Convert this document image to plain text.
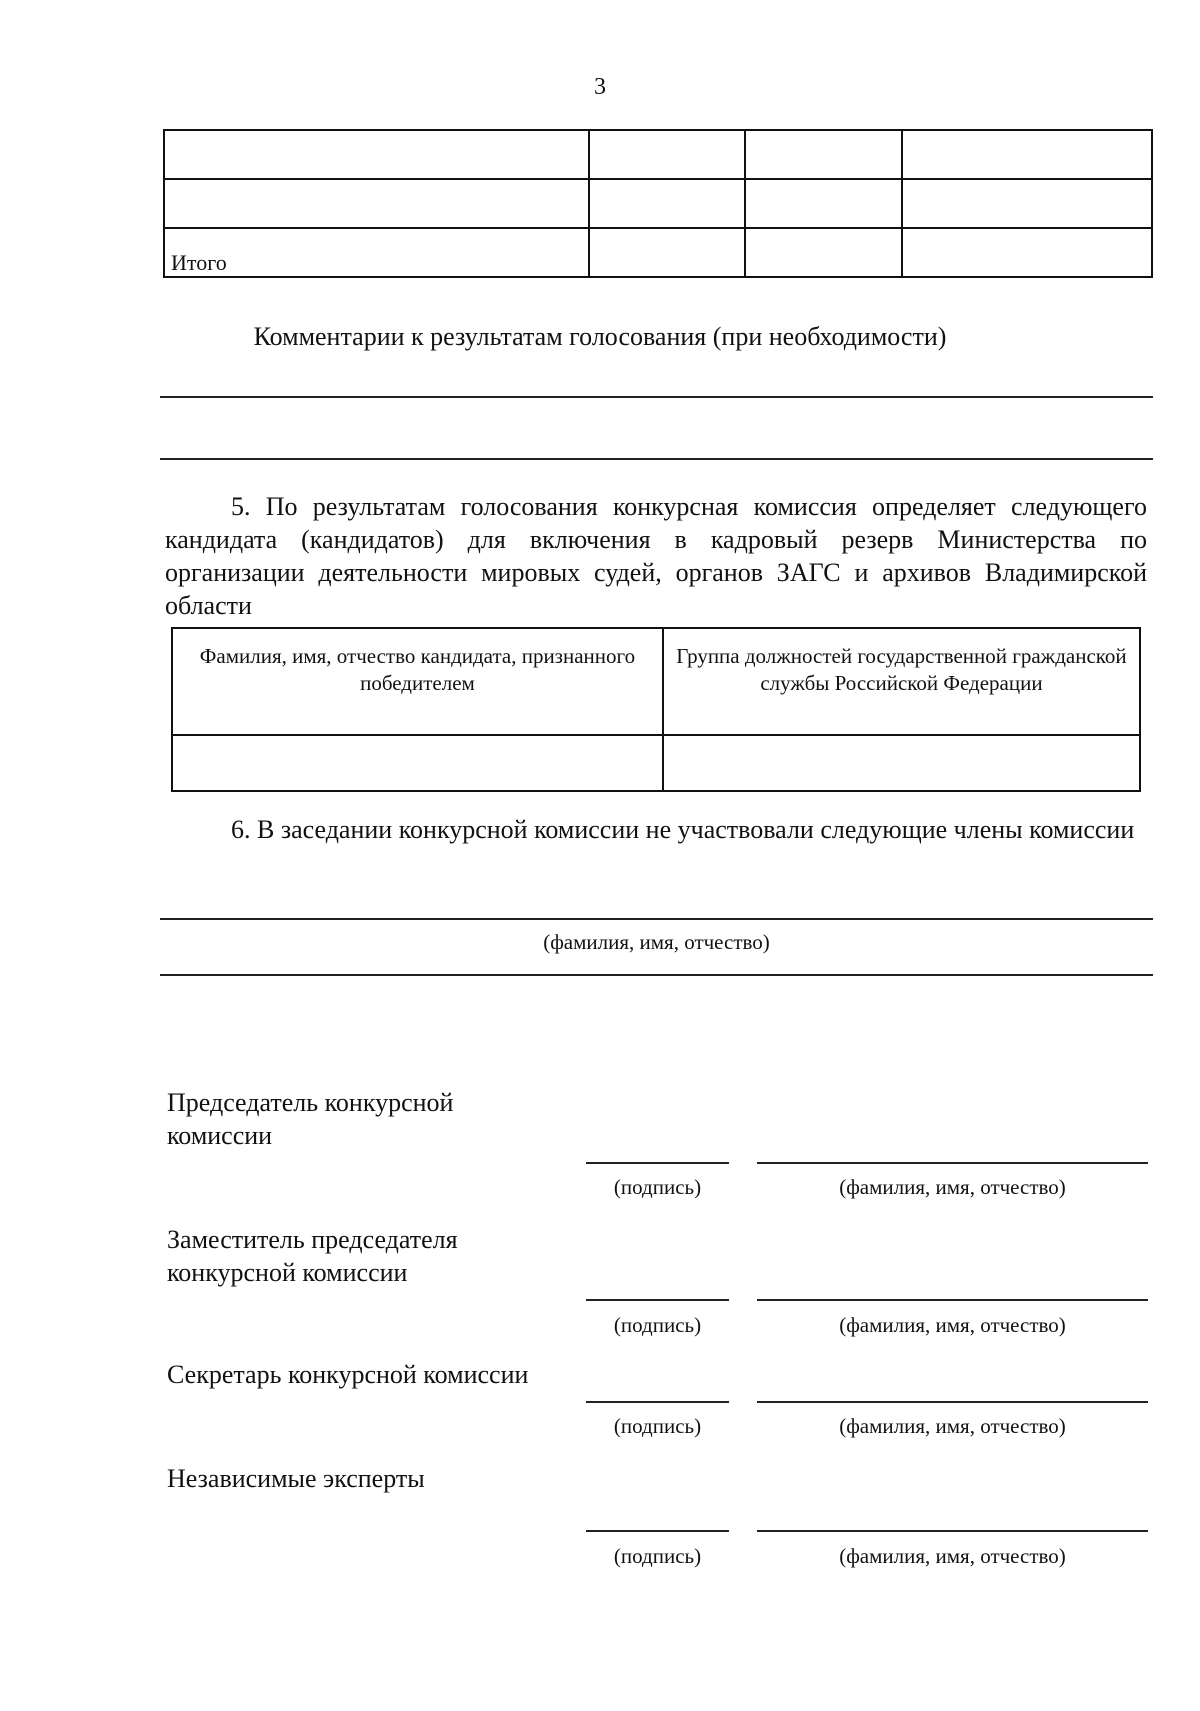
3

Итого			
Комментарии к результатам голосования (при необходимости)
5. По результатам голосования конкурсная комиссия определяет следующего кандидата (кандидатов) для включения в кадровый резерв Министерства по организации деятельности мировых судей, органов ЗАГС и архивов Владимирской области
Фамилия, имя, отчество кандидата, признанного победителем	Группа должностей государственной гражданской службы Российской Федерации

6. В заседании конкурсной комиссии не участвовали следующие члены комиссии
(фамилия, имя, отчество)
Председатель конкурсной комиссии
(подпись)	(фамилия, имя, отчество)
Заместитель председателя конкурсной комиссии
(подпись)	(фамилия, имя, отчество)
Секретарь конкурсной комиссии
(подпись)	(фамилия, имя, отчество)
Независимые эксперты
(подпись)	(фамилия, имя, отчество)
